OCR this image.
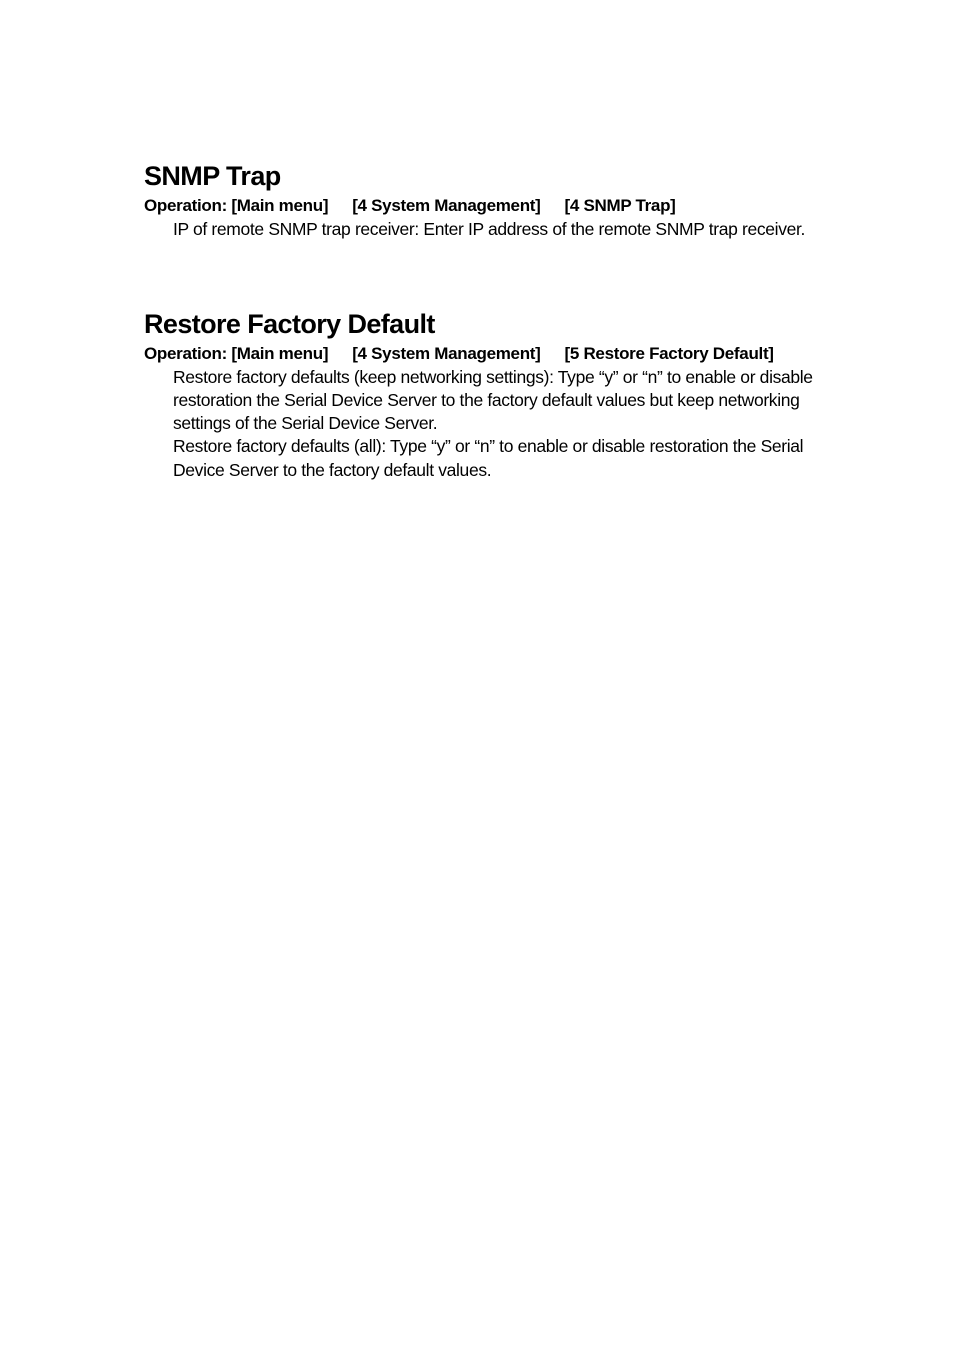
SNMP Trap
Operation: [Main menu] [4 System Management] [4 SNMP Trap]

IP of remote SNMP trap receiver: Enter IP address of the remote SNMP trap receiver.

Restore Factory Default
Operation: [Main menu] [4 System Management] [5 Restore Factory Default]

Restore factory defaults (keep networking settings): Type “y” or “n” to enable or disable restoration the Serial Device Server to the factory default values but keep networking settings of the Serial Device Server.

Restore factory defaults (all): Type “y” or “n” to enable or disable restoration the Serial Device Server to the factory default values.
